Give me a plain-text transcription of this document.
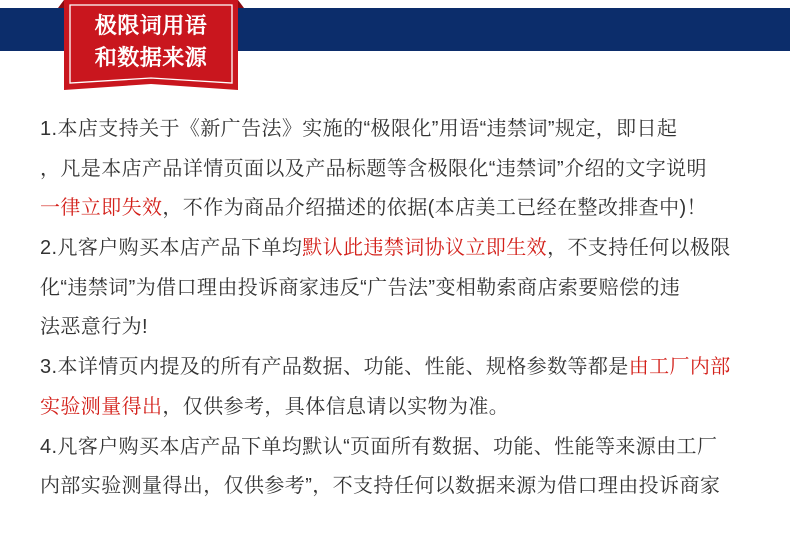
极限词用语
和数据来源
1.本店支持关于《新广告法》实施的“极限化”用语“违禁词”规定，即日起
，凡是本店产品详情页面以及产品标题等含极限化“违禁词”介绍的文字说明
一律立即失效，不作为商品介绍描述的依据(本店美工已经在整改排查中)！
2.凡客户购买本店产品下单均默认此违禁词协议立即生效，不支持任何以极限
化“违禁词”为借口理由投诉商家违反“广告法”变相勒索商店索要赔偿的违
法恶意行为!
3.本详情页内提及的所有产品数据、功能、性能、规格参数等都是由工厂内部
实验测量得出，仅供参考，具体信息请以实物为准。
4.凡客户购买本店产品下单均默认“页面所有数据、功能、性能等来源由工厂
内部实验测量得出，仅供参考”，不支持任何以数据来源为借口理由投诉商家
